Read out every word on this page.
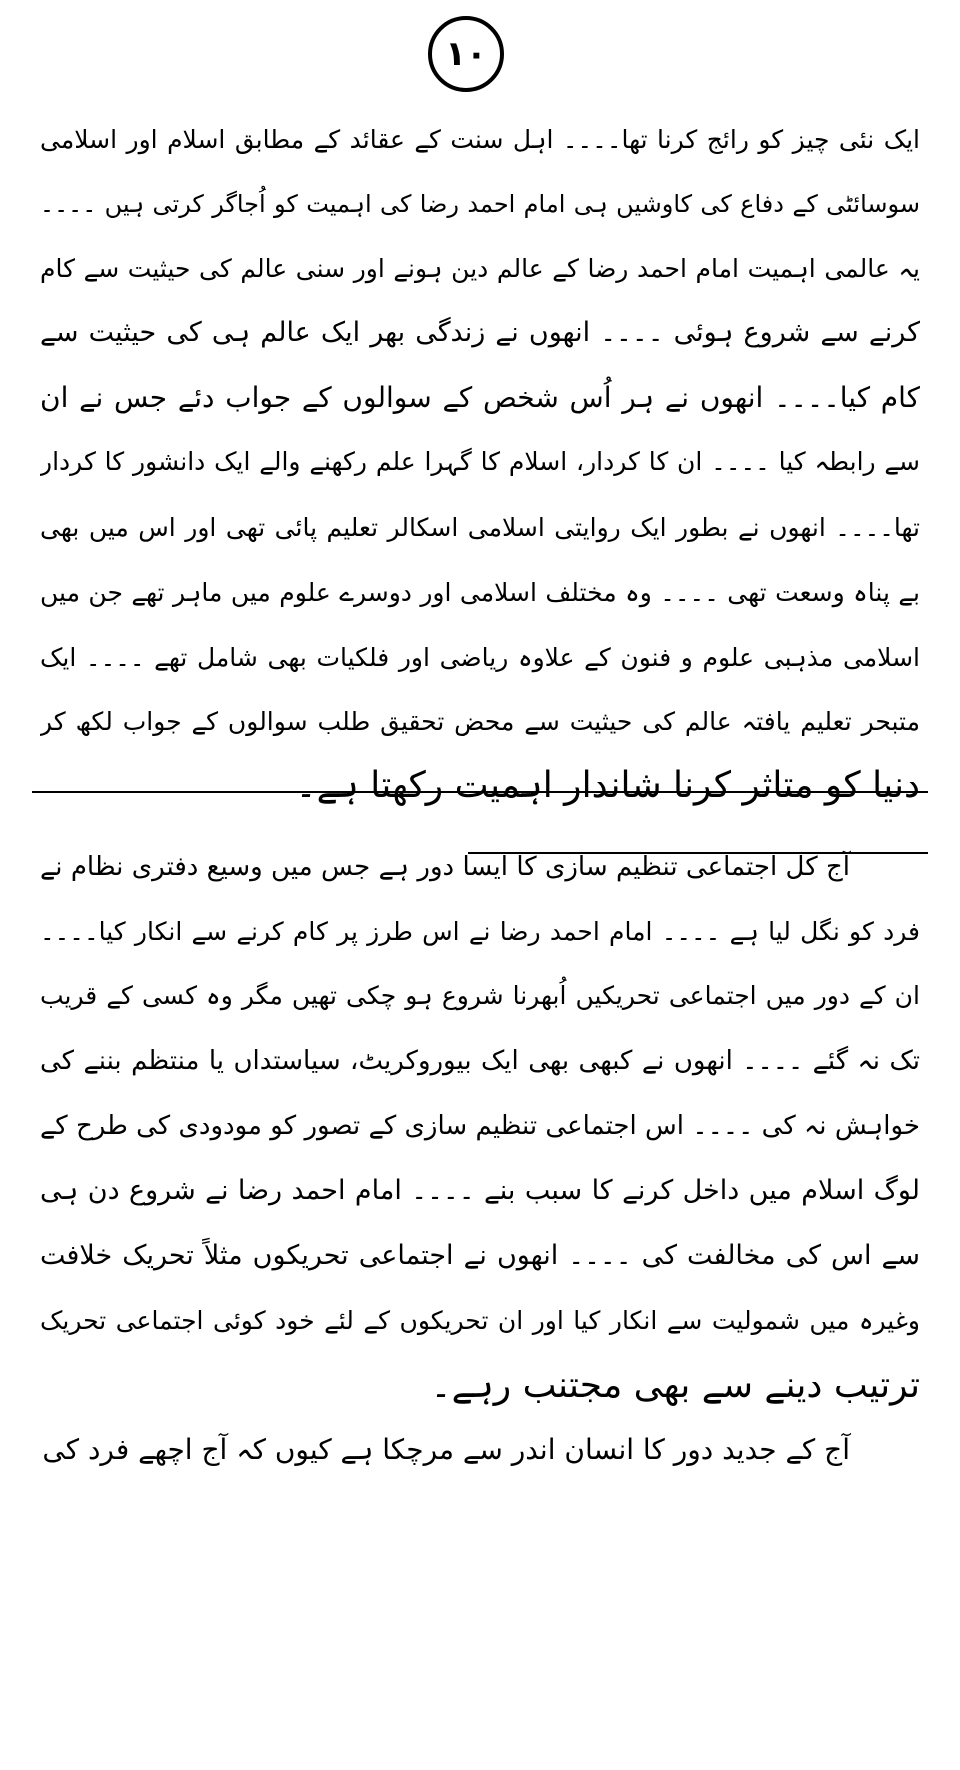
١٠
ایک نئی چیز کو رائج کرنا تھا۔۔۔۔ اہل سنت کے عقائد کے مطابق اسلام اور اسلامی
سوسائٹی کے دفاع کی کاوشیں ہی امام احمد رضا کی اہمیت کو اُجاگر کرتی ہیں ۔۔۔۔
یہ عالمی اہمیت امام احمد رضا کے عالم دین ہونے اور سنی عالم کی حیثیت سے کام
کرنے سے شروع ہوئی ۔۔۔۔ انھوں نے زندگی بھر ایک عالم ہی کی حیثیت سے
کام کیا۔۔۔۔ انھوں نے ہر اُس شخص کے سوالوں کے جواب دئے جس نے ان
سے رابطہ کیا ۔۔۔۔ ان کا کردار، اسلام کا گہرا علم رکھنے والے ایک دانشور کا کردار
تھا۔۔۔۔ انھوں نے بطور ایک روایتی اسلامی اسکالر تعلیم پائی تھی اور اس میں بھی
بے پناہ وسعت تھی ۔۔۔۔ وہ مختلف اسلامی اور دوسرے علوم میں ماہر تھے جن میں
اسلامی مذہبی علوم و فنون کے علاوہ ریاضی اور فلکیات بھی شامل تھے ۔۔۔۔ ایک
متبحر تعلیم یافتہ عالم کی حیثیت سے محض تحقیق طلب سوالوں کے جواب لکھ کر
دنیا کو متاثر کرنا شاندار اہمیت رکھتا ہے۔
آج کل اجتماعی تنظیم سازی کا ایسا دور ہے جس میں وسیع دفتری نظام نے
فرد کو نگل لیا ہے ۔۔۔۔ امام احمد رضا نے اس طرز پر کام کرنے سے انکار کیا۔۔۔۔
ان کے دور میں اجتماعی تحریکیں اُبھرنا شروع ہو چکی تھیں مگر وہ کسی کے قریب
تک نہ گئے ۔۔۔۔ انھوں نے کبھی بھی ایک بیوروکریٹ، سیاستداں یا منتظم بننے کی
خواہش نہ کی ۔۔۔۔ اس اجتماعی تنظیم سازی کے تصور کو مودودی کی طرح کے
لوگ اسلام میں داخل کرنے کا سبب بنے ۔۔۔۔ امام احمد رضا نے شروع دن ہی
سے اس کی مخالفت کی ۔۔۔۔ انھوں نے اجتماعی تحریکوں مثلاً تحریک خلافت
وغیرہ میں شمولیت سے انکار کیا اور ان تحریکوں کے لئے خود کوئی اجتماعی تحریک
ترتیب دینے سے بھی مجتنب رہے۔
آج کے جدید دور کا انسان اندر سے مرچکا ہے کیوں کہ آج اچھے فرد کی
